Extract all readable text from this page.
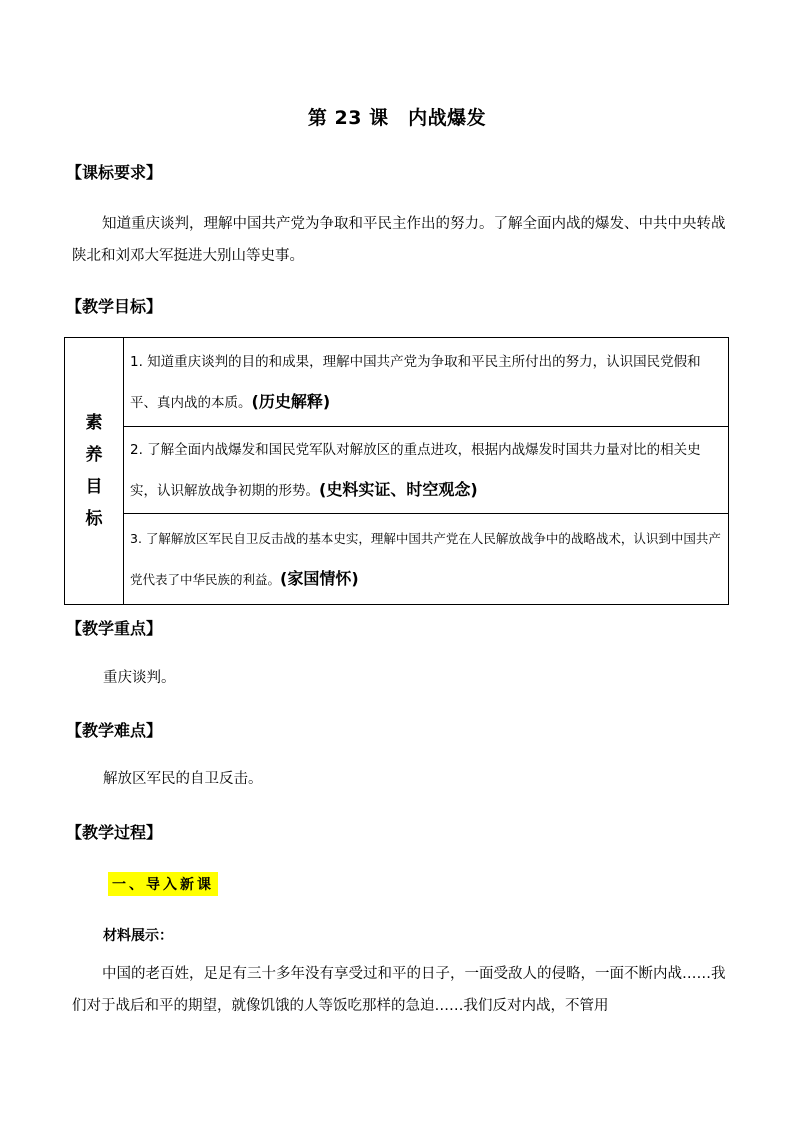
第 23 课　内战爆发
【课标要求】
知道重庆谈判，理解中国共产党为争取和平民主作出的努力。了解全面内战的爆发、中共中央转战陕北和刘邓大军挺进大别山等史事。
【教学目标】
素
养
目
标

1. 知道重庆谈判的目的和成果，理解中国共产党为争取和平民主所付出的努力，认识国民党假和平、真内战的本质。(历史解释)

2. 了解全面内战爆发和国民党军队对解放区的重点进攻，根据内战爆发时国共力量对比的相关史实，认识解放战争初期的形势。(史料实证、时空观念)

3. 了解解放区军民自卫反击战的基本史实，理解中国共产党在人民解放战争中的战略战术，认识到中国共产党代表了中华民族的利益。(家国情怀)
【教学重点】
重庆谈判。
【教学难点】
解放区军民的自卫反击。
【教学过程】
一、导入新课
材料展示：
中国的老百姓，足足有三十多年没有享受过和平的日子，一面受敌人的侵略，一面不断内战……我们对于战后和平的期望，就像饥饿的人等饭吃那样的急迫……我们反对内战，不管用
